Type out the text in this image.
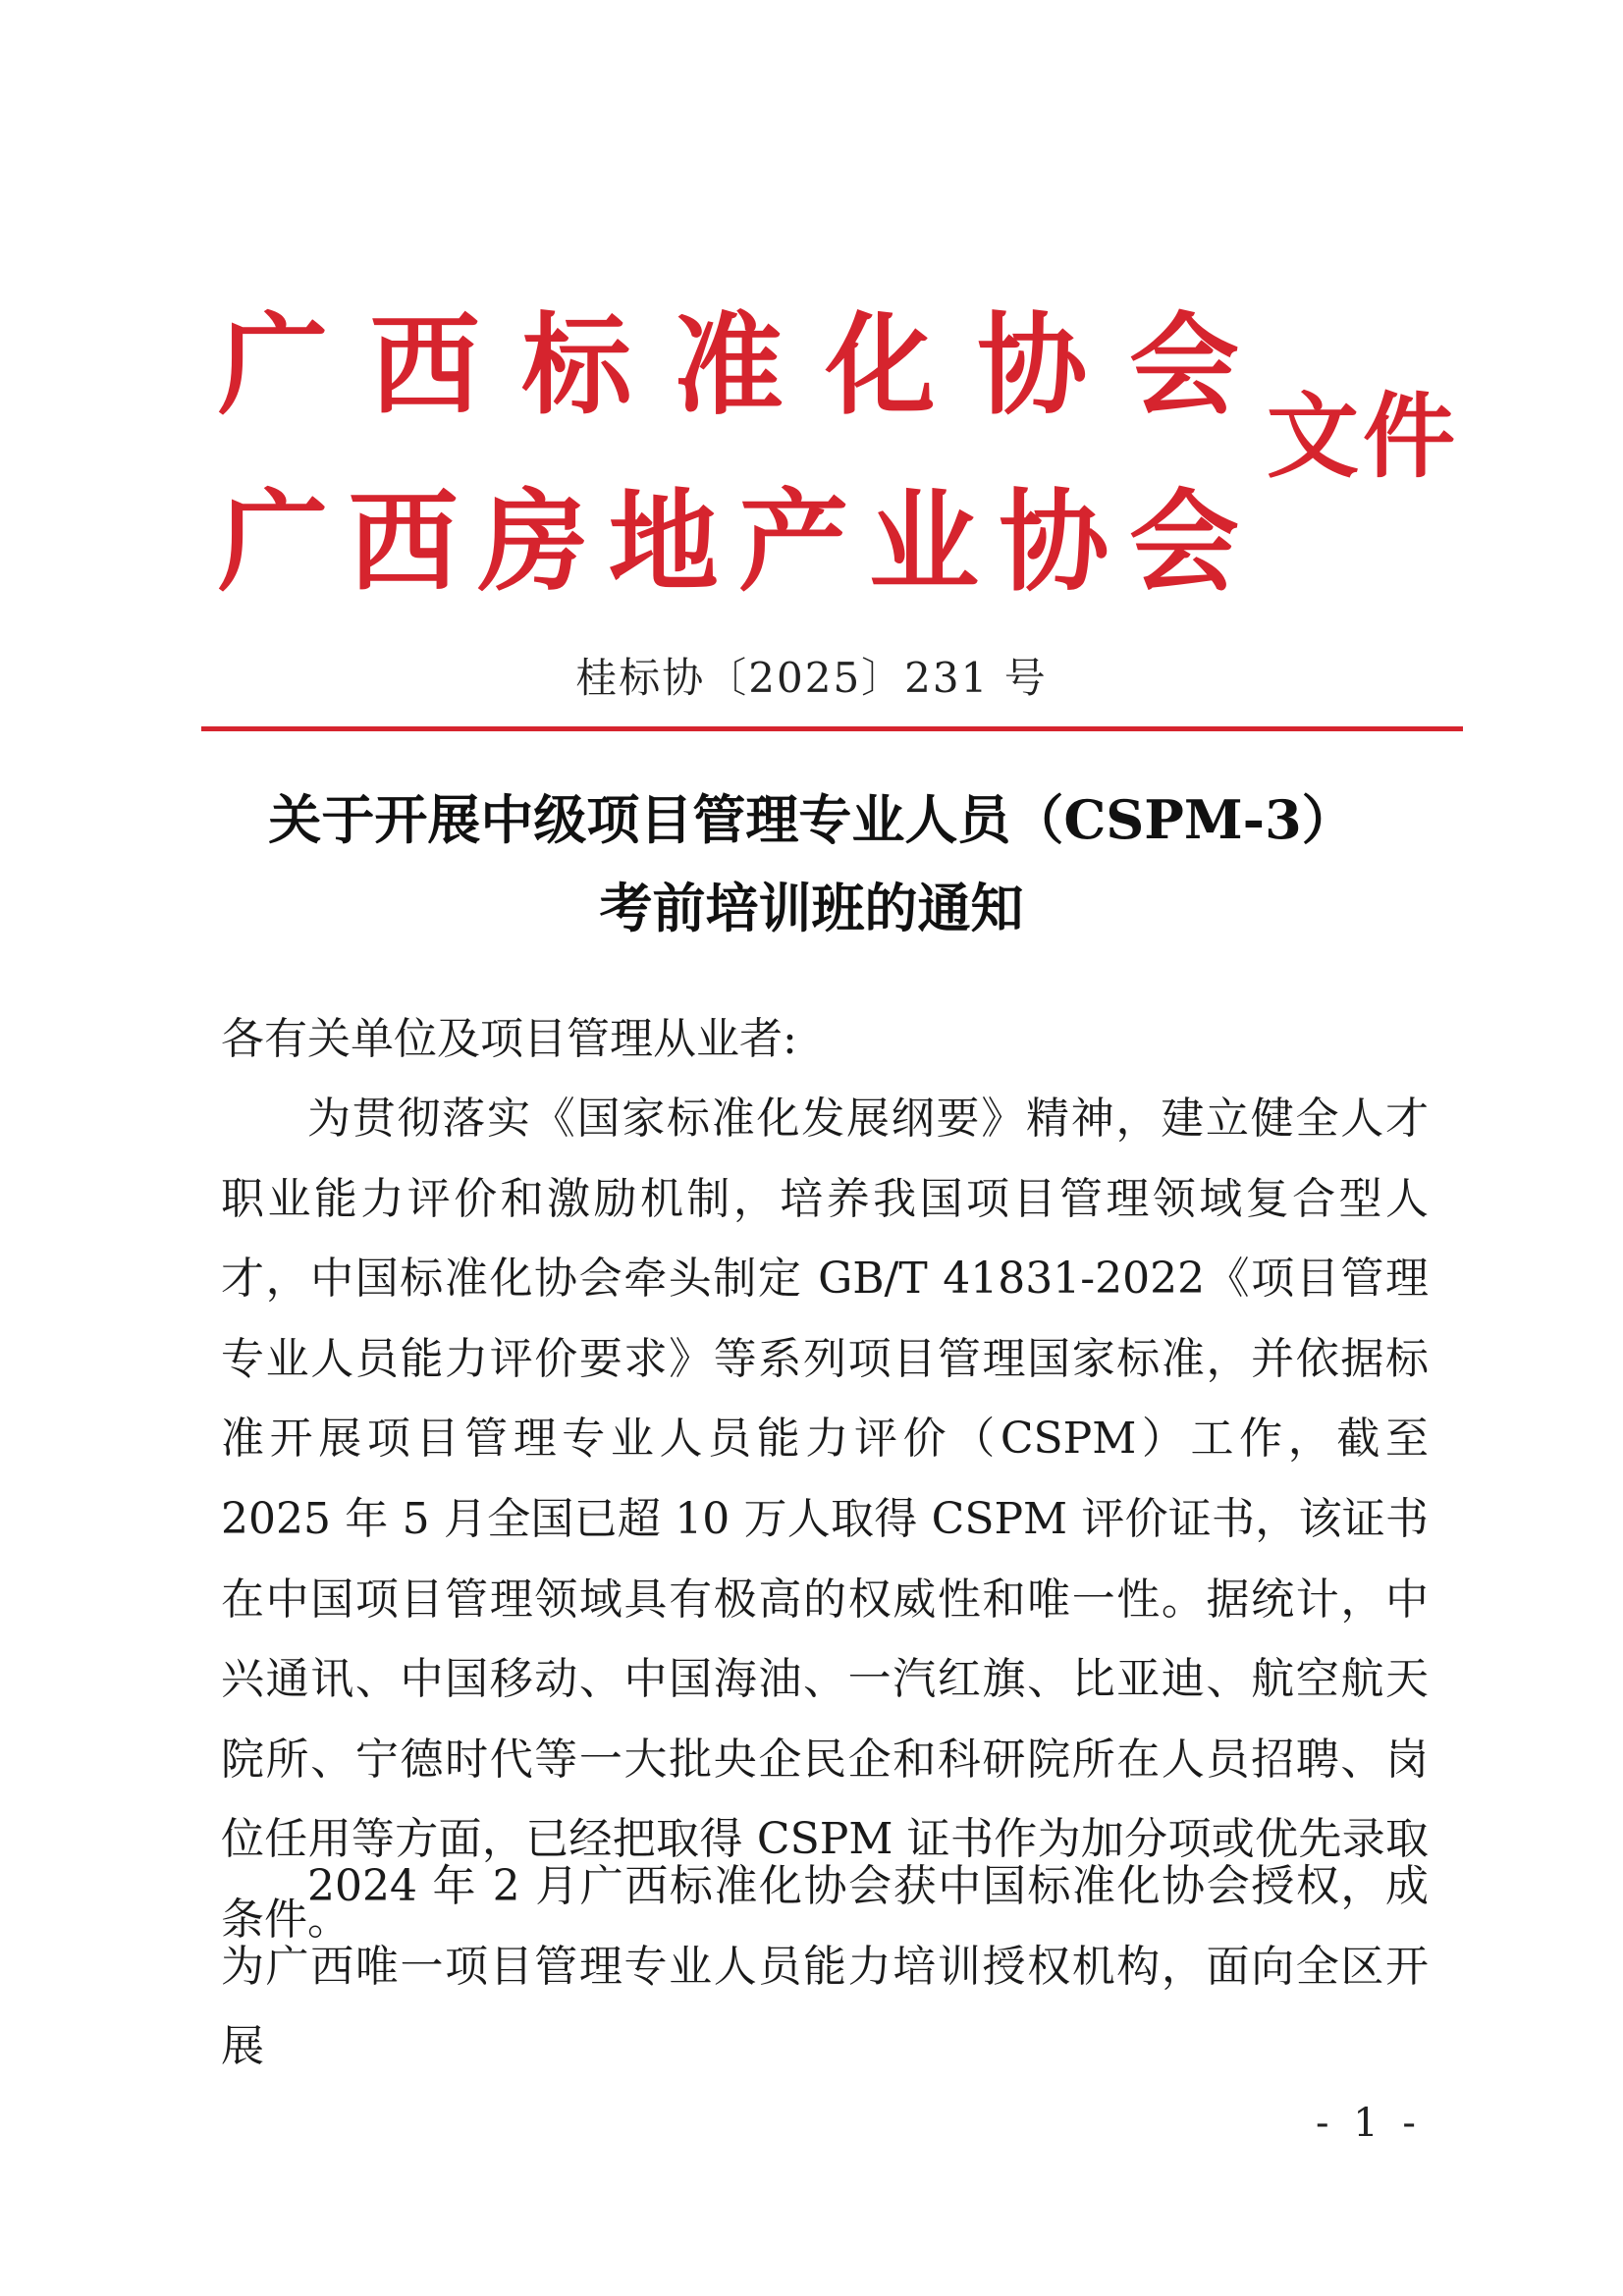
广 西 标 准 化 协 会
广 西 房 地 产 业 协 会
文件
桂标协〔2025〕231 号
关于开展中级项目管理专业人员（CSPM-3）
考前培训班的通知

各有关单位及项目管理从业者:

为贯彻落实《国家标准化发展纲要》精神，建立健全人才职业能力评价和激励机制，培养我国项目管理领域复合型人才，中国标准化协会牵头制定 GB/T 41831-2022《项目管理专业人员能力评价要求》等系列项目管理国家标准，并依据标准开展项目管理专业人员能力评价（CSPM）工作，截至 2025 年 5 月全国已超 10 万人取得 CSPM 评价证书，该证书在中国项目管理领域具有极高的权威性和唯一性。据统计，中兴通讯、中国移动、中国海油、一汽红旗、比亚迪、航空航天院所、宁德时代等一大批央企民企和科研院所在人员招聘、岗位任用等方面，已经把取得 CSPM 证书作为加分项或优先录取条件。

2024 年 2 月广西标准化协会获中国标准化协会授权，成为广西唯一项目管理专业人员能力培训授权机构，面向全区开展

- 1 -
